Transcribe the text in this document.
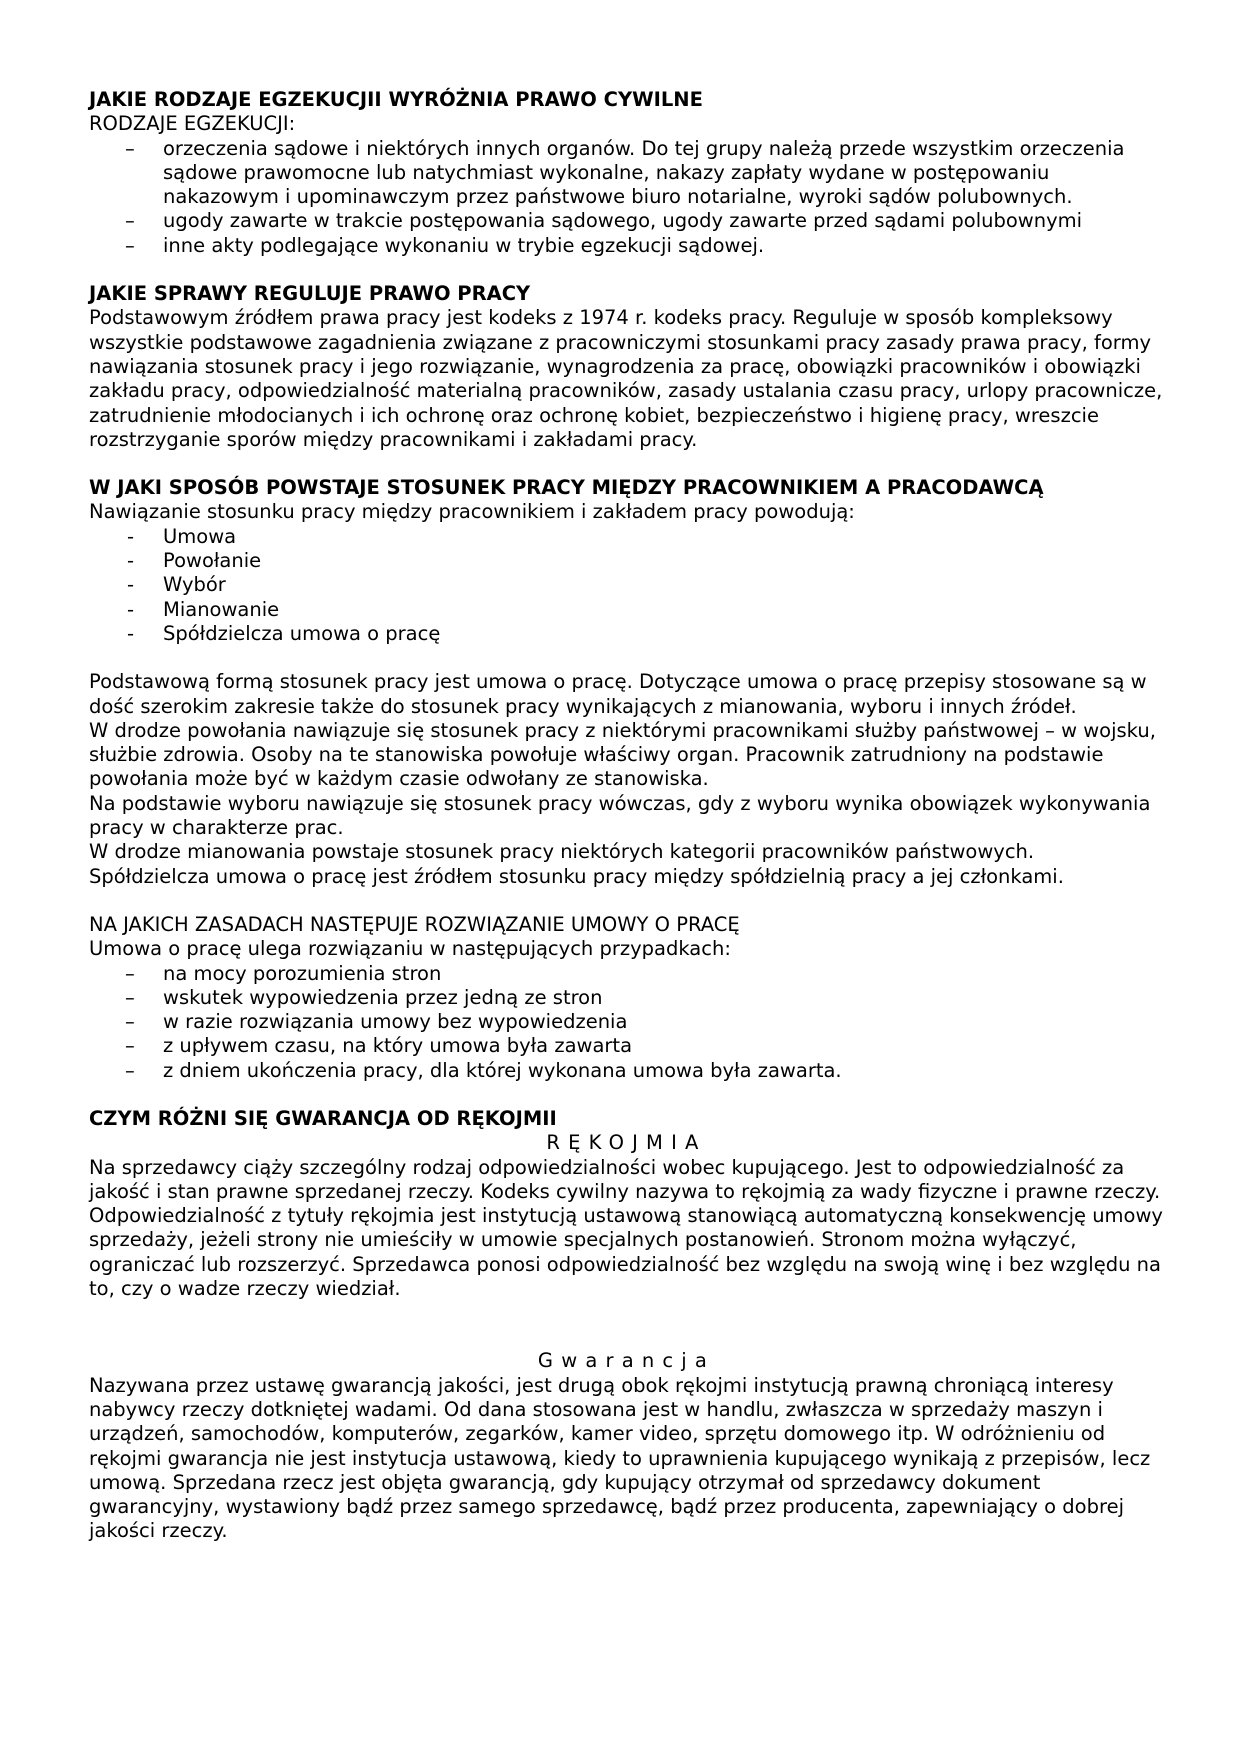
JAKIE RODZAJE EGZEKUCJII WYRÓŻNIA PRAWO CYWILNE

RODZAJE EGZEKUCJI:

– orzeczenia sądowe i niektórych innych organów. Do tej grupy należą przede wszystkim orzeczenia sądowe prawomocne lub natychmiast wykonalne, nakazy zapłaty wydane w postępowaniu nakazowym i upominawczym przez państwowe biuro notarialne, wyroki sądów polubownych.
– ugody zawarte w trakcie postępowania sądowego, ugody zawarte przed sądami polubownymi
– inne akty podlegające wykonaniu w trybie egzekucji sądowej.

JAKIE SPRAWY REGULUJE PRAWO PRACY

Podstawowym źródłem prawa pracy jest kodeks z 1974 r. kodeks pracy. Reguluje w sposób kompleksowy wszystkie podstawowe zagadnienia związane z pracowniczymi stosunkami pracy zasady prawa pracy, formy nawiązania stosunek pracy i jego rozwiązanie, wynagrodzenia za pracę, obowiązki pracowników i obowiązki zakładu pracy, odpowiedzialność materialną pracowników, zasady ustalania czasu pracy, urlopy pracownicze, zatrudnienie młodocianych i ich ochronę oraz ochronę kobiet, bezpieczeństwo i higienę pracy, wreszcie rozstrzyganie sporów między pracownikami i zakładami pracy.

W JAKI SPOSÓB POWSTAJE STOSUNEK PRACY MIĘDZY PRACOWNIKIEM A PRACODAWCĄ

Nawiązanie stosunku pracy między pracownikiem i zakładem pracy powodują:

- Umowa
- Powołanie
- Wybór
- Mianowanie
- Spółdzielcza umowa o pracę

Podstawową formą stosunek pracy jest umowa o pracę. Dotyczące umowa o pracę przepisy stosowane są w dość szerokim zakresie także do stosunek pracy wynikających z mianowania, wyboru i innych źródeł.

W drodze powołania nawiązuje się stosunek pracy z niektórymi pracownikami służby państwowej – w wojsku, służbie zdrowia. Osoby na te stanowiska powołuje właściwy organ. Pracownik zatrudniony na podstawie powołania może być w każdym czasie odwołany ze stanowiska.

Na podstawie wyboru nawiązuje się stosunek pracy wówczas, gdy z wyboru wynika obowiązek wykonywania pracy w charakterze prac.

W drodze mianowania powstaje stosunek pracy niektórych kategorii pracowników państwowych.

Spółdzielcza umowa o pracę jest źródłem stosunku pracy między spółdzielnią pracy a jej członkami.

NA JAKICH ZASADACH NASTĘPUJE ROZWIĄZANIE UMOWY O PRACĘ

Umowa o pracę ulega rozwiązaniu w następujących przypadkach:

– na mocy porozumienia stron
– wskutek wypowiedzenia przez jedną ze stron
– w razie rozwiązania umowy bez wypowiedzenia
– z upływem czasu, na który umowa była zawarta
– z dniem ukończenia pracy, dla której wykonana umowa była zawarta.

CZYM RÓŻNI SIĘ GWARANCJA OD RĘKOJMII

RĘKOJMIA

Na sprzedawcy ciąży szczególny rodzaj odpowiedzialności wobec kupującego. Jest to odpowiedzialność za jakość i stan prawne sprzedanej rzeczy. Kodeks cywilny nazywa to rękojmią za wady fizyczne i prawne rzeczy. Odpowiedzialność z tytuły rękojmia jest instytucją ustawową stanowiącą automatyczną konsekwencję umowy sprzedaży, jeżeli strony nie umieściły w umowie specjalnych postanowień. Stronom można wyłączyć, ograniczać lub rozszerzyć. Sprzedawca ponosi odpowiedzialność bez względu na swoją winę i bez względu na to, czy o wadze rzeczy wiedział.

Gwarancja

Nazywana przez ustawę gwarancją jakości, jest drugą obok rękojmi instytucją prawną chroniącą interesy nabywcy rzeczy dotkniętej wadami. Od dana stosowana jest w handlu, zwłaszcza w sprzedaży maszyn i urządzeń, samochodów, komputerów, zegarków, kamer video, sprzętu domowego itp. W odróżnieniu od rękojmi gwarancja nie jest instytucja ustawową, kiedy to uprawnienia kupującego wynikają z przepisów, lecz umową. Sprzedana rzecz jest objęta gwarancją, gdy kupujący otrzymał od sprzedawcy dokument gwarancyjny, wystawiony bądź przez samego sprzedawcę, bądź przez producenta, zapewniający o dobrej jakości rzeczy.
